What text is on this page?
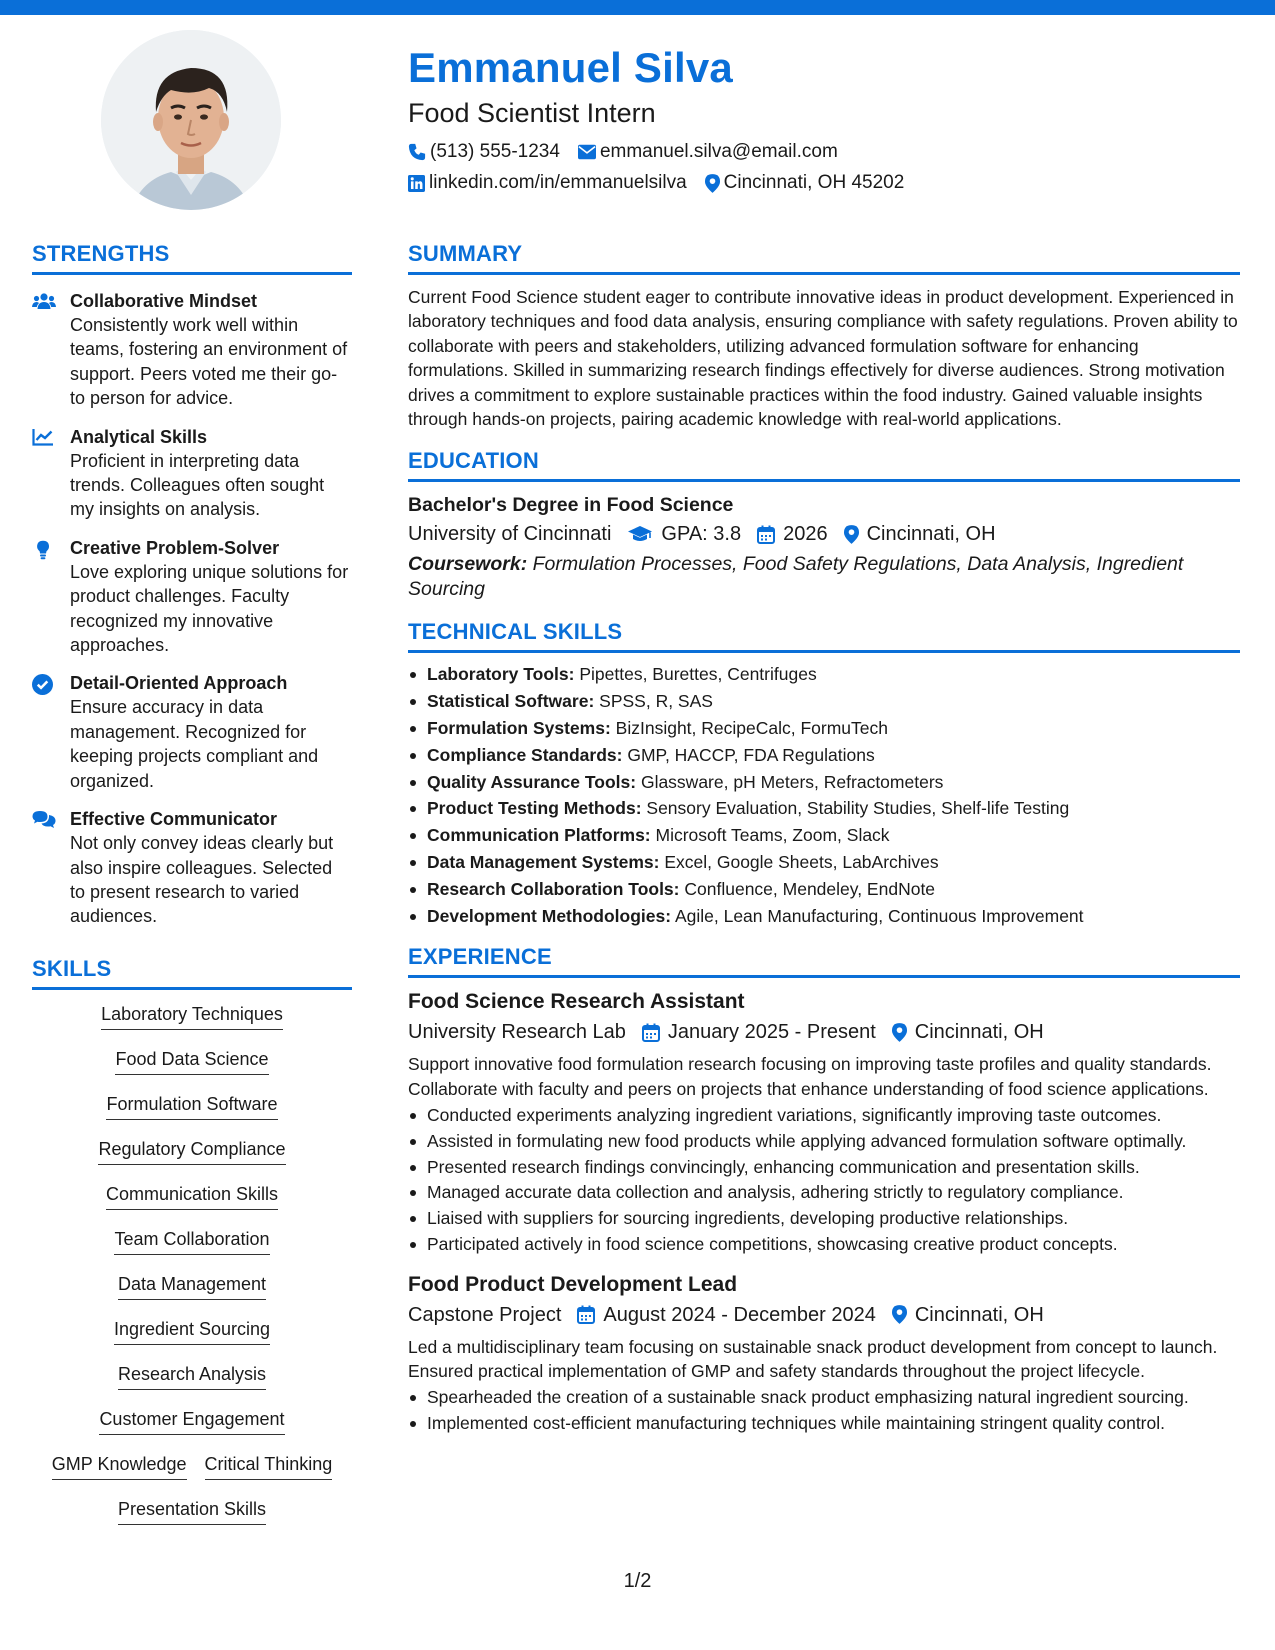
Emmanuel Silva
Food Scientist Intern
(513) 555-1234 emmanuel.silva@email.com
linkedin.com/in/emmanuelsilva Cincinnati, OH 45202
STRENGTHS
Collaborative Mindset
Consistently work well within teams, fostering an environment of support. Peers voted me their go-to person for advice.
Analytical Skills
Proficient in interpreting data trends. Colleagues often sought my insights on analysis.
Creative Problem-Solver
Love exploring unique solutions for product challenges. Faculty recognized my innovative approaches.
Detail-Oriented Approach
Ensure accuracy in data management. Recognized for keeping projects compliant and organized.
Effective Communicator
Not only convey ideas clearly but also inspire colleagues. Selected to present research to varied audiences.
SKILLS
Laboratory Techniques
Food Data Science
Formulation Software
Regulatory Compliance
Communication Skills
Team Collaboration
Data Management
Ingredient Sourcing
Research Analysis
Customer Engagement
GMP Knowledge Critical Thinking
Presentation Skills
SUMMARY
Current Food Science student eager to contribute innovative ideas in product development. Experienced in laboratory techniques and food data analysis, ensuring compliance with safety regulations. Proven ability to collaborate with peers and stakeholders, utilizing advanced formulation software for enhancing formulations. Skilled in summarizing research findings effectively for diverse audiences. Strong motivation drives a commitment to explore sustainable practices within the food industry. Gained valuable insights through hands-on projects, pairing academic knowledge with real-world applications.
EDUCATION
Bachelor's Degree in Food Science
University of Cincinnati	GPA: 3.8 2026 Cincinnati, OH
Coursework: Formulation Processes, Food Safety Regulations, Data Analysis, Ingredient Sourcing
TECHNICAL SKILLS
Laboratory Tools: Pipettes, Burettes, Centrifuges
Statistical Software: SPSS, R, SAS
Formulation Systems: BizInsight, RecipeCalc, FormuTech
Compliance Standards: GMP, HACCP, FDA Regulations
Quality Assurance Tools: Glassware, pH Meters, Refractometers
Product Testing Methods: Sensory Evaluation, Stability Studies, Shelf-life Testing
Communication Platforms: Microsoft Teams, Zoom, Slack
Data Management Systems: Excel, Google Sheets, LabArchives
Research Collaboration Tools: Confluence, Mendeley, EndNote
Development Methodologies: Agile, Lean Manufacturing, Continuous Improvement
EXPERIENCE
Food Science Research Assistant
University Research Lab January 2025 - Present Cincinnati, OH
Support innovative food formulation research focusing on improving taste profiles and quality standards. Collaborate with faculty and peers on projects that enhance understanding of food science applications.
Conducted experiments analyzing ingredient variations, significantly improving taste outcomes.
Assisted in formulating new food products while applying advanced formulation software optimally.
Presented research findings convincingly, enhancing communication and presentation skills.
Managed accurate data collection and analysis, adhering strictly to regulatory compliance.
Liaised with suppliers for sourcing ingredients, developing productive relationships.
Participated actively in food science competitions, showcasing creative product concepts.
Food Product Development Lead
Capstone Project August 2024 - December 2024 Cincinnati, OH
Led a multidisciplinary team focusing on sustainable snack product development from concept to launch. Ensured practical implementation of GMP and safety standards throughout the project lifecycle.
Spearheaded the creation of a sustainable snack product emphasizing natural ingredient sourcing.
Implemented cost-efficient manufacturing techniques while maintaining stringent quality control.
1/2
